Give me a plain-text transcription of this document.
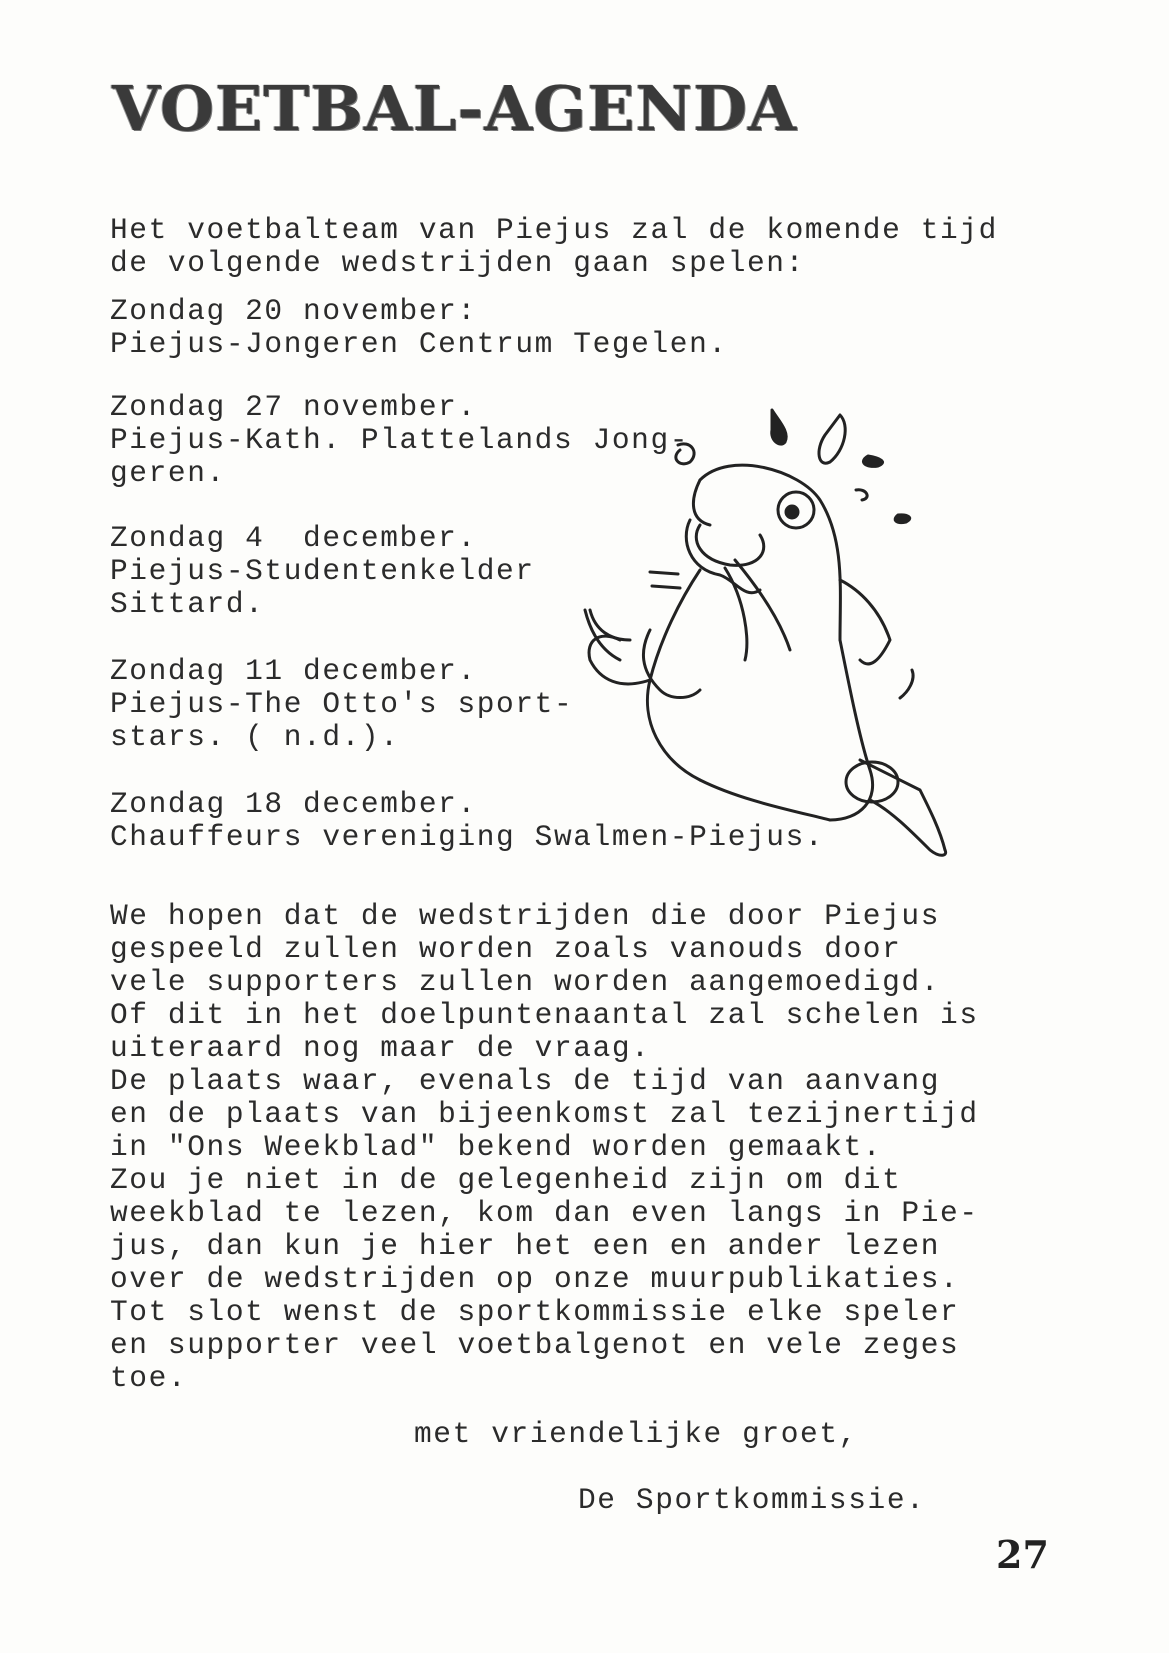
VOETBAL-AGENDA

Het voetbalteam van Piejus zal de komende tijd
de volgende wedstrijden gaan spelen:

Zondag 20 november:
Piejus-Jongeren Centrum Tegelen.

Zondag 27 november.
Piejus-Kath. Plattelands Jong-
geren.

Zondag 4  december.
Piejus-Studentenkelder
Sittard.

Zondag 11 december.
Piejus-The Otto's sport-
stars. ( n.d.).

Zondag 18 december.
Chauffeurs vereniging Swalmen-Piejus.

We hopen dat de wedstrijden die door Piejus
gespeeld zullen worden zoals vanouds door
vele supporters zullen worden aangemoedigd.
Of dit in het doelpuntenaantal zal schelen is
uiteraard nog maar de vraag.
De plaats waar, evenals de tijd van aanvang
en de plaats van bijeenkomst zal tezijnertijd
in "Ons Weekblad" bekend worden gemaakt.
Zou je niet in de gelegenheid zijn om dit
weekblad te lezen, kom dan even langs in Pie-
jus, dan kun je hier het een en ander lezen
over de wedstrijden op onze muurpublikaties.
Tot slot wenst de sportkommissie elke speler
en supporter veel voetbalgenot en vele zeges
toe.

met vriendelijke groet,

De Sportkommissie.

27
